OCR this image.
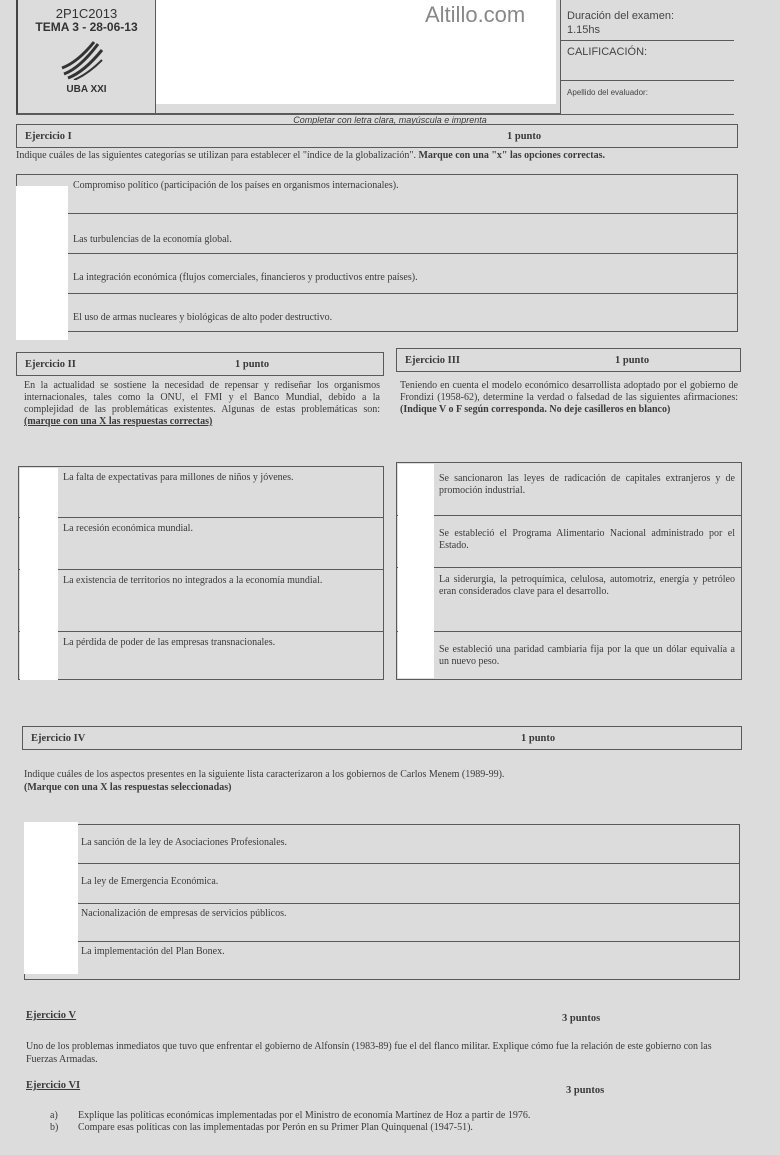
2P1C2013
TEMA 3 - 28-06-13
UBA XXI
Altillo.com	Duración del examen:
1.15hs
CALIFICACIÓN:
Apellido del evaluador:
Completar con letra clara, mayúscula e imprenta
Ejercicio I	1 punto

Indique cuáles de las siguientes categorías se utilizan para establecer el "índice de la globalización". Marque con una "x" las opciones correctas.

Compromiso político (participación de los países en organismos internacionales).
Las turbulencias de la economía global.
La integración económica (flujos comerciales, financieros y productivos entre países).
El uso de armas nucleares y biológicas de alto poder destructivo.
Ejercicio II	1 punto

En la actualidad se sostiene la necesidad de repensar y rediseñar los organismos internacionales, tales como la ONU, el FMI y el Banco Mundial, debido a la complejidad de las problemáticas existentes. Algunas de estas problemáticas son: (marque con una X las respuestas correctas)

La falta de expectativas para millones de niños y jóvenes.
La recesión económica mundial.
La existencia de territorios no integrados a la economía mundial.
La pérdida de poder de las empresas transnacionales.
Ejercicio III	1 punto

Teniendo en cuenta el modelo económico desarrollista adoptado por el gobierno de Frondizi (1958-62), determine la verdad o falsedad de las siguientes afirmaciones: (Indique V o F según corresponda. No deje casilleros en blanco)

Se sancionaron las leyes de radicación de capitales extranjeros y de promoción industrial.
Se estableció el Programa Alimentario Nacional administrado por el Estado.
La siderurgia, la petroquímica, celulosa, automotriz, energía y petróleo eran considerados clave para el desarrollo.
Se estableció una paridad cambiaria fija por la que un dólar equivalía a un nuevo peso.
Ejercicio IV	1 punto

Indique cuáles de los aspectos presentes en la siguiente lista caracterizaron a los gobiernos de Carlos Menem (1989-99).
(Marque con una X las respuestas seleccionadas)

La sanción de la ley de Asociaciones Profesionales.
La ley de Emergencia Económica.
Nacionalización de empresas de servicios públicos.
La implementación del Plan Bonex.
Ejercicio V	3 puntos

Uno de los problemas inmediatos que tuvo que enfrentar el gobierno de Alfonsín (1983-89) fue el del flanco militar. Explique cómo fue la relación de este gobierno con las Fuerzas Armadas.

Ejercicio VI	3 puntos
a) Explique las políticas económicas implementadas por el Ministro de economía Martínez de Hoz a partir de 1976.
b) Compare esas políticas con las implementadas por Perón en su Primer Plan Quinquenal (1947-51).
